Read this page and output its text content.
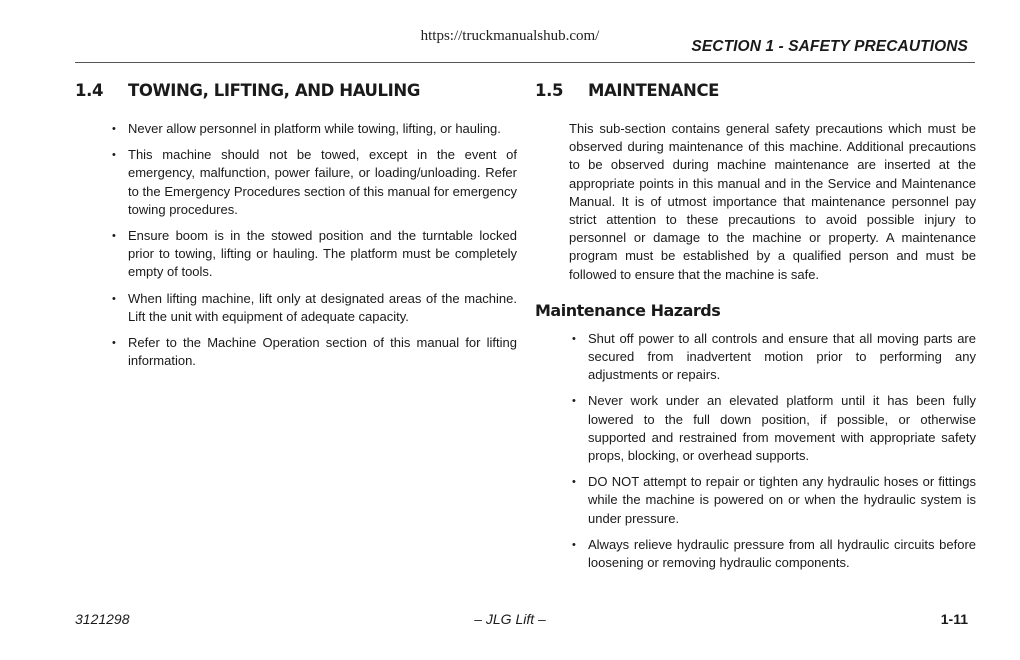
https://truckmanualshub.com/
SECTION 1 - SAFETY PRECAUTIONS
1.4 TOWING, LIFTING, AND HAULING
• Never allow personnel in platform while towing, lifting, or hauling.
• This machine should not be towed, except in the event of emergency, malfunction, power failure, or loading/unloading. Refer to the Emergency Procedures section of this manual for emergency towing procedures.
• Ensure boom is in the stowed position and the turntable locked prior to towing, lifting or hauling. The platform must be completely empty of tools.
• When lifting machine, lift only at designated areas of the machine. Lift the unit with equipment of adequate capacity.
• Refer to the Machine Operation section of this manual for lifting information.
1.5 MAINTENANCE

This sub-section contains general safety precautions which must be observed during maintenance of this machine. Additional precautions to be observed during machine maintenance are inserted at the appropriate points in this manual and in the Service and Maintenance Manual. It is of utmost importance that maintenance personnel pay strict attention to these precautions to avoid possible injury to personnel or damage to the machine or property. A maintenance program must be established by a qualified person and must be followed to ensure that the machine is safe.

Maintenance Hazards
• Shut off power to all controls and ensure that all moving parts are secured from inadvertent motion prior to performing any adjustments or repairs.
• Never work under an elevated platform until it has been fully lowered to the full down position, if possible, or otherwise supported and restrained from movement with appropriate safety props, blocking, or overhead supports.
• DO NOT attempt to repair or tighten any hydraulic hoses or fittings while the machine is powered on or when the hydraulic system is under pressure.
• Always relieve hydraulic pressure from all hydraulic circuits before loosening or removing hydraulic components.
3121298	– JLG Lift –	1-11
